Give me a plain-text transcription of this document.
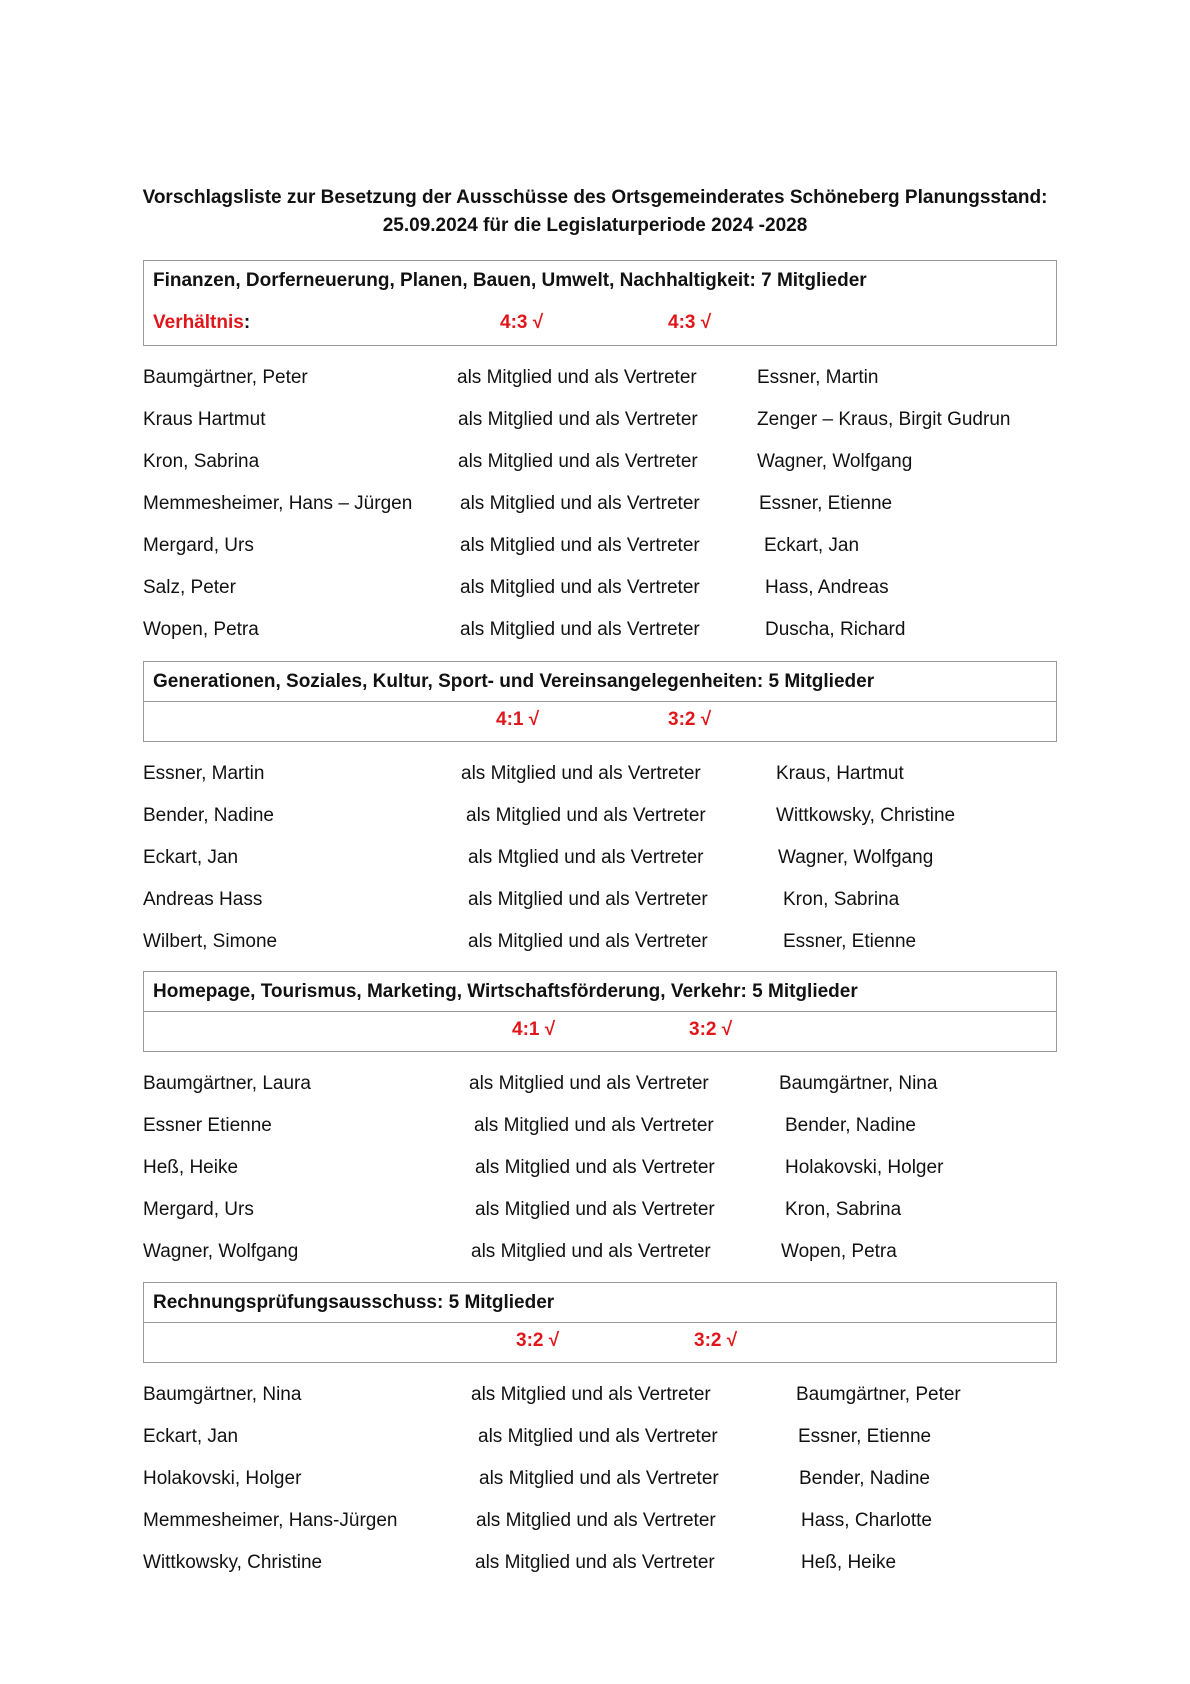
Vorschlagsliste zur Besetzung der Ausschüsse des Ortsgemeinderates Schöneberg Planungsstand:
25.09.2024 für die Legislaturperiode 2024 -2028
Finanzen, Dorferneuerung, Planen, Bauen, Umwelt, Nachhaltigkeit: 7 Mitglieder
Verhältnis:	4:3 √	4:3 √
Baumgärtner, Peter	als Mitglied und als Vertreter	Essner, Martin
Kraus Hartmut	als Mitglied und als Vertreter	Zenger – Kraus, Birgit Gudrun
Kron, Sabrina	als Mitglied und als Vertreter	Wagner, Wolfgang
Memmesheimer, Hans – Jürgen	als Mitglied und als Vertreter	Essner, Etienne
Mergard, Urs	als Mitglied und als Vertreter	Eckart, Jan
Salz, Peter	als Mitglied und als Vertreter	Hass, Andreas
Wopen, Petra	als Mitglied und als Vertreter	Duscha, Richard
Generationen, Soziales, Kultur, Sport- und Vereinsangelegenheiten: 5 Mitglieder
4:1 √	3:2 √
Essner, Martin	als Mitglied und als Vertreter	Kraus, Hartmut
Bender, Nadine	als Mitglied und als Vertreter	Wittkowsky, Christine
Eckart, Jan	als Mtglied und als Vertreter	Wagner, Wolfgang
Andreas Hass	als Mitglied und als Vertreter	Kron, Sabrina
Wilbert, Simone	als Mitglied und als Vertreter	Essner, Etienne
Homepage, Tourismus, Marketing, Wirtschaftsförderung, Verkehr: 5 Mitglieder
4:1 √	3:2 √
Baumgärtner, Laura	als Mitglied und als Vertreter	Baumgärtner, Nina
Essner Etienne	als Mitglied und als Vertreter	Bender, Nadine
Heß, Heike	als Mitglied und als Vertreter	Holakovski, Holger
Mergard, Urs	als Mitglied und als Vertreter	Kron, Sabrina
Wagner, Wolfgang	als Mitglied und als Vertreter	Wopen, Petra
Rechnungsprüfungsausschuss: 5 Mitglieder
3:2 √	3:2 √
Baumgärtner, Nina	als Mitglied und als Vertreter	Baumgärtner, Peter
Eckart, Jan	als Mitglied und als Vertreter	Essner, Etienne
Holakovski, Holger	als Mitglied und als Vertreter	Bender, Nadine
Memmesheimer, Hans-Jürgen	als Mitglied und als Vertreter	Hass, Charlotte
Wittkowsky, Christine	als Mitglied und als Vertreter	Heß, Heike
